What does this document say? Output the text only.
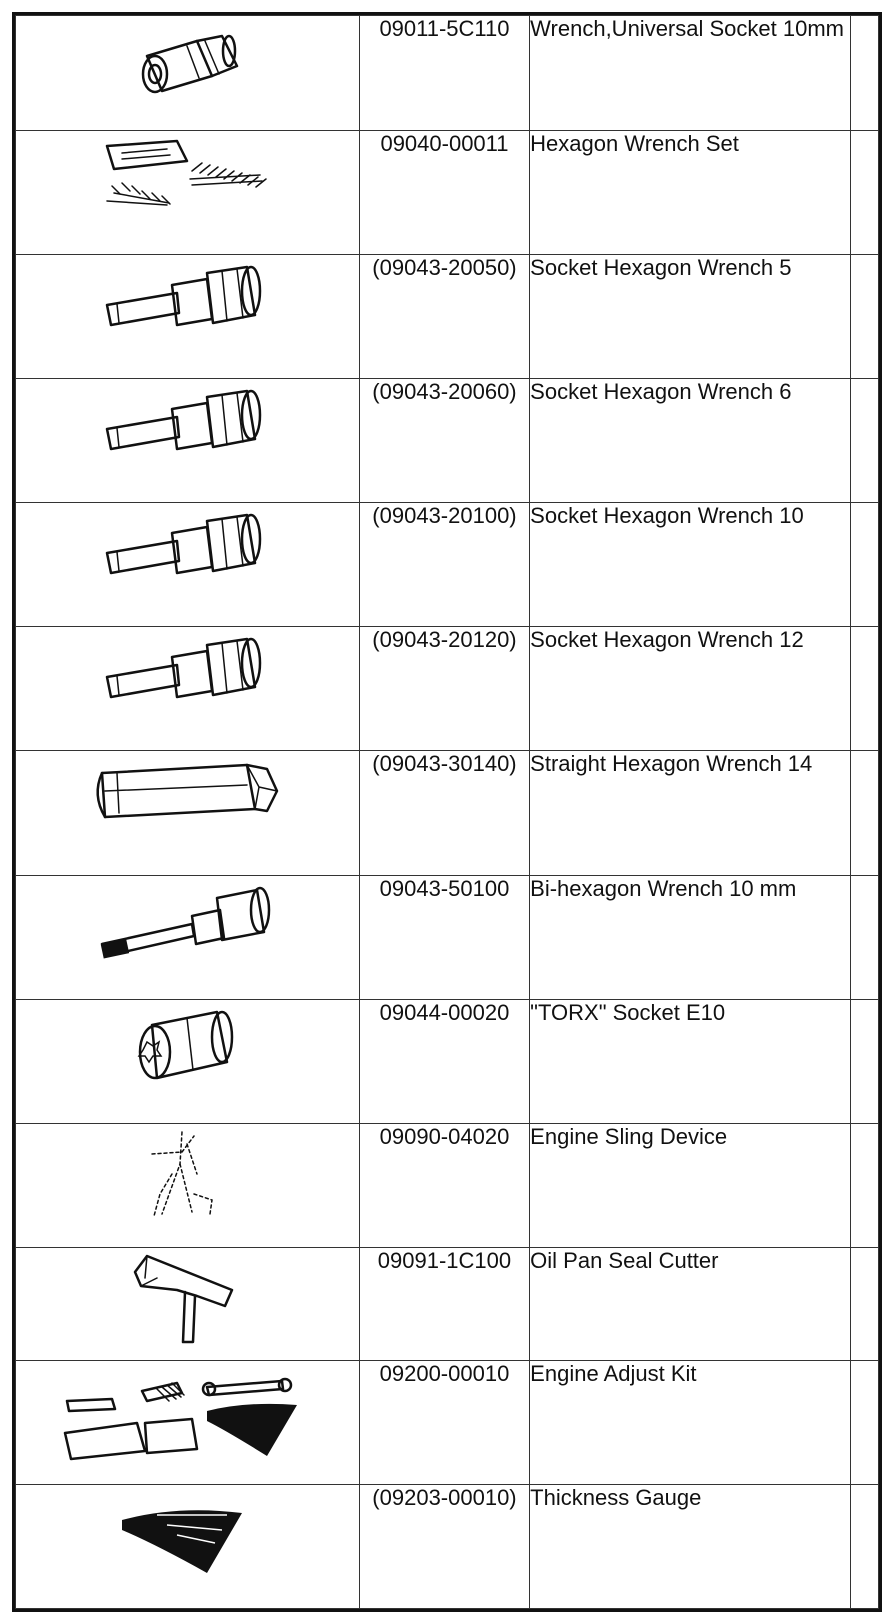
	09011-5C110	Wrench,Universal Socket 10mm	

	09040-00011	Hexagon Wrench Set	

	(09043-20050)	Socket Hexagon Wrench 5	

	(09043-20060)	Socket Hexagon Wrench 6	

	(09043-20100)	Socket Hexagon Wrench 10	

	(09043-20120)	Socket Hexagon Wrench 12	

	(09043-30140)	Straight Hexagon Wrench 14	

	09043-50100	Bi-hexagon Wrench 10 mm	

	09044-00020	"TORX" Socket E10	

	09090-04020	Engine Sling Device	

	09091-1C100	Oil Pan Seal Cutter	

	09200-00010	Engine Adjust Kit	

	(09203-00010)	Thickness Gauge	
